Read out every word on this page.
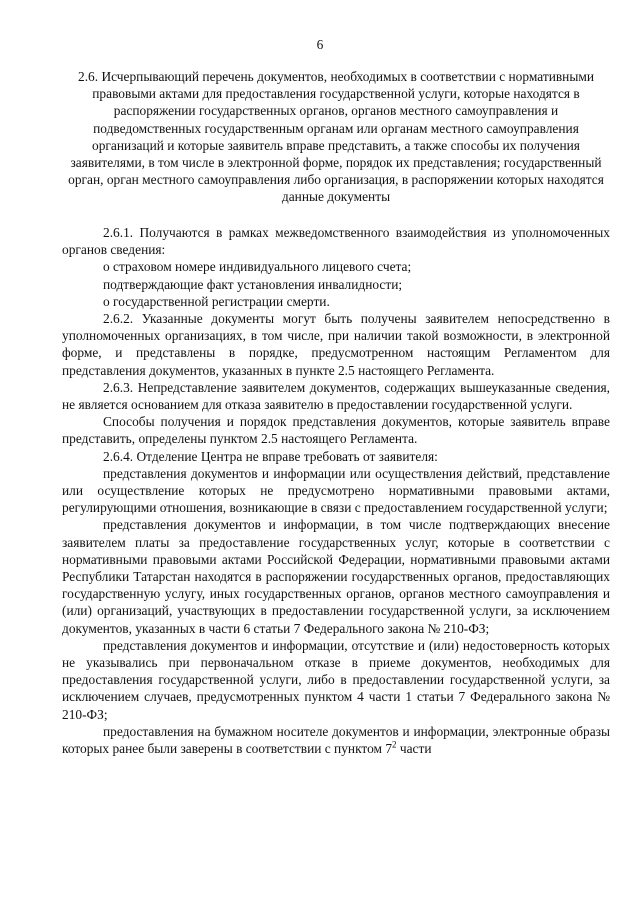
6

2.6. Исчерпывающий перечень документов, необходимых в соответствии с нормативными правовыми актами для предоставления государственной услуги, которые находятся в распоряжении государственных органов, органов местного самоуправления и подведомственных государственным органам или органам местного самоуправления организаций и которые заявитель вправе представить, а также способы их получения заявителями, в том числе в электронной форме, порядок их представления; государственный орган, орган местного самоуправления либо организация, в распоряжении которых находятся данные документы

2.6.1. Получаются в рамках межведомственного взаимодействия из уполномоченных органов сведения:

о страховом номере индивидуального лицевого счета;

подтверждающие факт установления инвалидности;

о государственной регистрации смерти.

2.6.2. Указанные документы могут быть получены заявителем непосредственно в уполномоченных организациях, в том числе, при наличии такой возможности, в электронной форме, и представлены в порядке, предусмотренном настоящим Регламентом для представления документов, указанных в пункте 2.5 настоящего Регламента.

2.6.3. Непредставление заявителем документов, содержащих вышеуказанные сведения, не является основанием для отказа заявителю в предоставлении государственной услуги.

Способы получения и порядок представления документов, которые заявитель вправе представить, определены пунктом 2.5 настоящего Регламента.

2.6.4. Отделение Центра не вправе требовать от заявителя:

представления документов и информации или осуществления действий, представление или осуществление которых не предусмотрено нормативными правовыми актами, регулирующими отношения, возникающие в связи с предоставлением государственной услуги;

представления документов и информации, в том числе подтверждающих внесение заявителем платы за предоставление государственных услуг, которые в соответствии с нормативными правовыми актами Российской Федерации, нормативными правовыми актами Республики Татарстан находятся в распоряжении государственных органов, предоставляющих государственную услугу, иных государственных органов, органов местного самоуправления и (или) организаций, участвующих в предоставлении государственной услуги, за исключением документов, указанных в части 6 статьи 7 Федерального закона № 210-ФЗ;

представления документов и информации, отсутствие и (или) недостоверность которых не указывались при первоначальном отказе в приеме документов, необходимых для предоставления государственной услуги, либо в предоставлении государственной услуги, за исключением случаев, предусмотренных пунктом 4 части 1 статьи 7 Федерального закона № 210-ФЗ;

предоставления на бумажном носителе документов и информации, электронные образы которых ранее были заверены в соответствии с пунктом $7^2$ части
